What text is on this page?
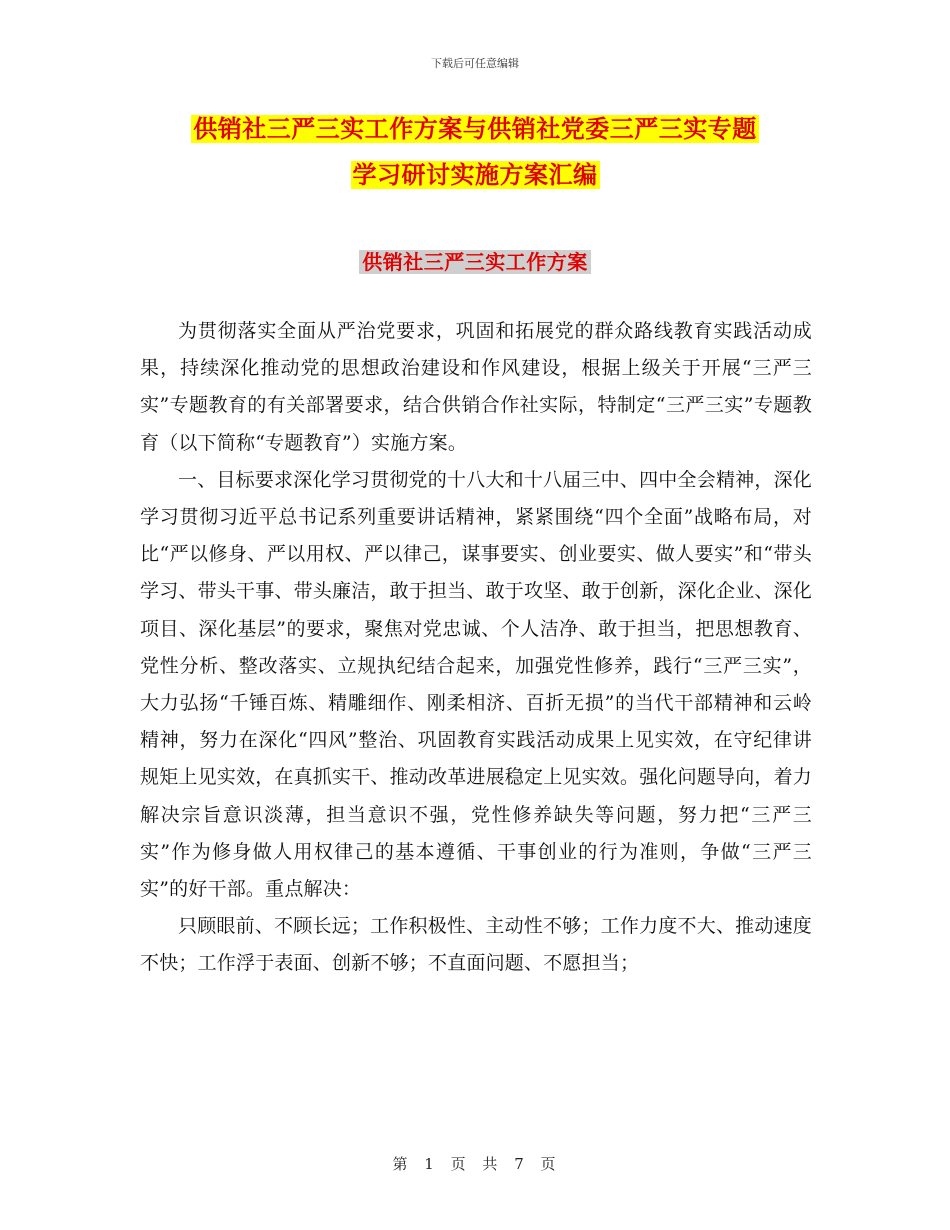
下载后可任意编辑
供销社三严三实工作方案与供销社党委三严三实专题
学习研讨实施方案汇编
供销社三严三实工作方案

为贯彻落实全面从严治党要求，巩固和拓展党的群众路线教育实践活动成果，持续深化推动党的思想政治建设和作风建设，根据上级关于开展“三严三实”专题教育的有关部署要求，结合供销合作社实际，特制定“三严三实”专题教育（以下简称“专题教育”）实施方案。

一、目标要求深化学习贯彻党的十八大和十八届三中、四中全会精神，深化学习贯彻习近平总书记系列重要讲话精神，紧紧围绕“四个全面”战略布局，对比“严以修身、严以用权、严以律己，谋事要实、创业要实、做人要实”和“带头学习、带头干事、带头廉洁，敢于担当、敢于攻坚、敢于创新，深化企业、深化项目、深化基层”的要求，聚焦对党忠诚、个人洁净、敢于担当，把思想教育、党性分析、整改落实、立规执纪结合起来，加强党性修养，践行“三严三实”，大力弘扬“千锤百炼、精雕细作、刚柔相济、百折无损”的当代干部精神和云岭精神，努力在深化“四风”整治、巩固教育实践活动成果上见实效，在守纪律讲规矩上见实效，在真抓实干、推动改革进展稳定上见实效。强化问题导向，着力解决宗旨意识淡薄，担当意识不强，党性修养缺失等问题，努力把“三严三实”作为修身做人用权律己的基本遵循、干事创业的行为准则，争做“三严三实”的好干部。重点解决：

只顾眼前、不顾长远；工作积极性、主动性不够；工作力度不大、推动速度不快；工作浮于表面、创新不够；不直面问题、不愿担当；

第 1 页 共 7 页
